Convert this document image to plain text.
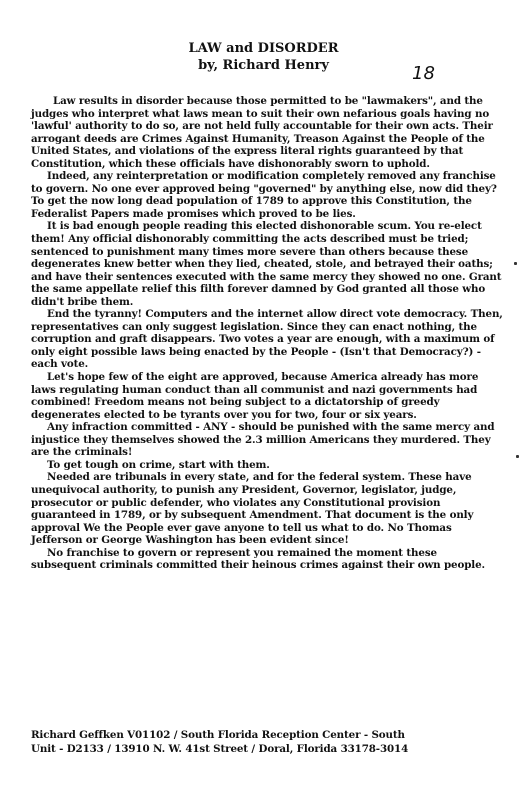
LAW and DISORDER
by, Richard Henry	18

Law results in disorder because those permitted to be "lawmakers", and the judges who interpret what laws mean to suit their own nefarious goals having no 'lawful' authority to do so, are not held fully accountable for their own acts. Their arrogant deeds are Crimes Against Humanity, Treason Against the People of the United States, and violations of the express literal rights guaranteed by that Constitution, which these officials have dishonorably sworn to uphold.

Indeed, any reinterpretation or modification completely removed any franchise to govern. No one ever approved being "governed" by anything else, now did they? To get the now long dead population of 1789 to approve this Constitution, the Federalist Papers made promises which proved to be lies.

It is bad enough people reading this elected dishonorable scum. You re-elect them! Any official dishonorably committing the acts described must be tried; sentenced to punishment many times more severe than others because these degenerates knew better when they lied, cheated, stole, and betrayed their oaths; and have their sentences executed with the same mercy they showed no one. Grant the same appellate relief this filth forever damned by God granted all those who didn't bribe them.

End the tyranny! Computers and the internet allow direct vote democracy. Then, representatives can only suggest legislation. Since they can enact nothing, the corruption and graft disappears. Two votes a year are enough, with a maximum of only eight possible laws being enacted by the People - (Isn't that Democracy?) - each vote.

Let's hope few of the eight are approved, because America already has more laws regulating human conduct than all communist and nazi governments had combined! Freedom means not being subject to a dictatorship of greedy degenerates elected to be tyrants over you for two, four or six years.

Any infraction committed - ANY - should be punished with the same mercy and injustice they themselves showed the 2.3 million Americans they murdered. They are the criminals!

To get tough on crime, start with them.

Needed are tribunals in every state, and for the federal system. These have unequivocal authority, to punish any President, Governor, legislator, judge, prosecutor or public defender, who violates any Constitutional provision guaranteed in 1789, or by subsequent Amendment. That document is the only approval We the People ever gave anyone to tell us what to do. No Thomas Jefferson or George Washington has been evident since!

No franchise to govern or represent you remained the moment these subsequent criminals committed their heinous crimes against their own people.

Richard Geffken V01102 / South Florida Reception Center - South
Unit - D2133 / 13910 N. W. 41st Street / Doral, Florida 33178-3014
